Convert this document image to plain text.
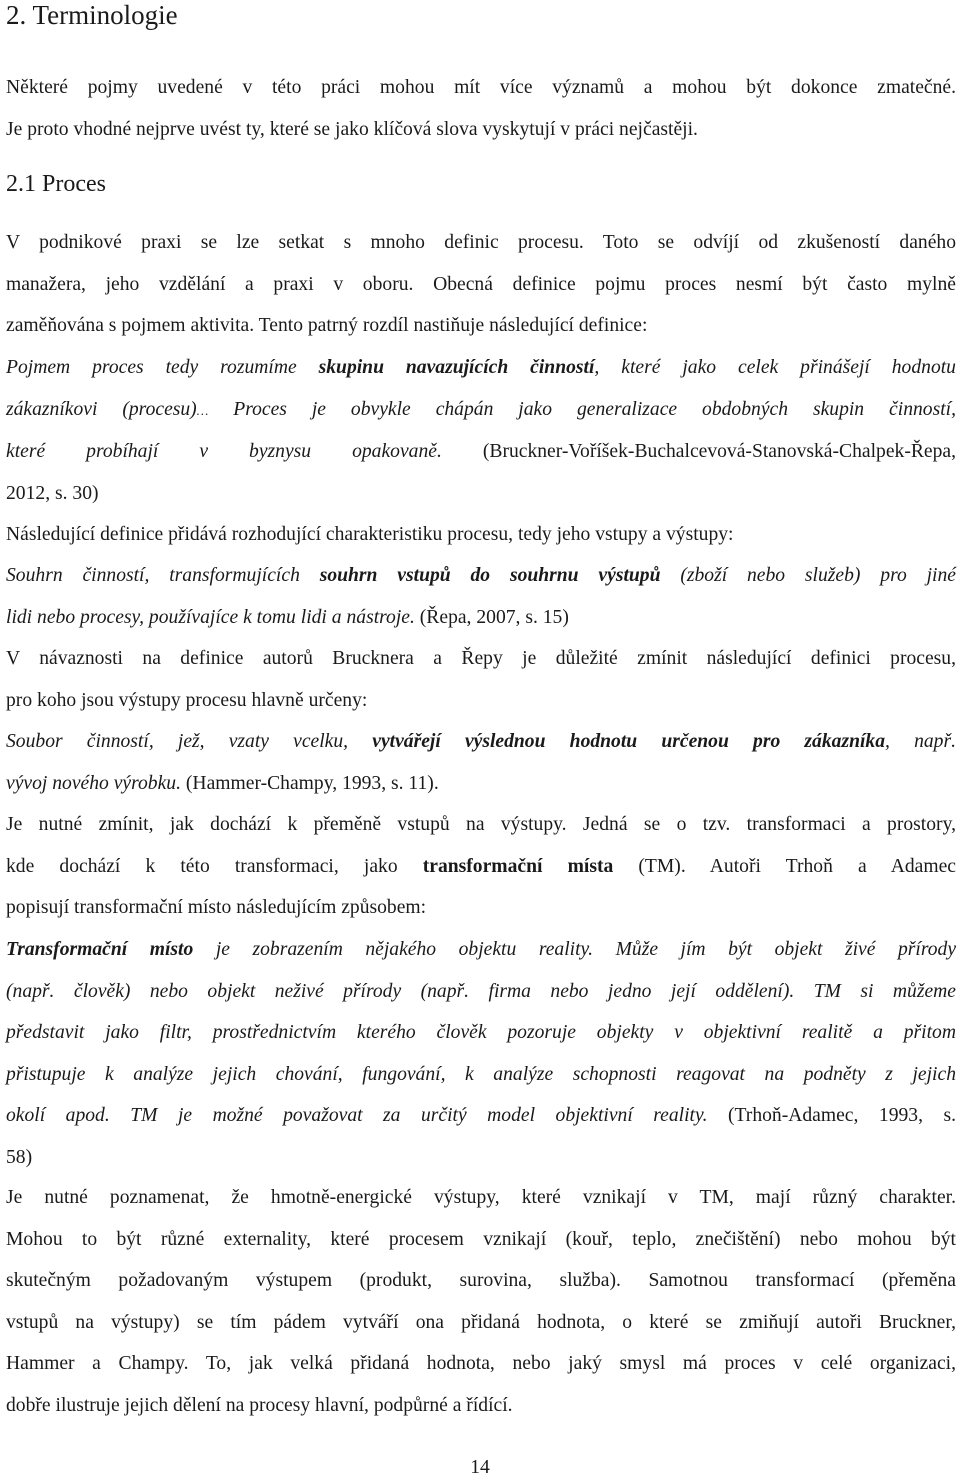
2. Terminologie
Některé pojmy uvedené v této práci mohou mít více významů a mohou být dokonce zmatečné.
Je proto vhodné nejprve uvést ty, které se jako klíčová slova vyskytují v práci nejčastěji.
2.1 Proces
V podnikové praxi se lze setkat s mnoho definic procesu. Toto se odvíjí od zkušeností daného
manažera, jeho vzdělání a praxi v oboru. Obecná definice pojmu proces nesmí být často mylně
zaměňována s pojmem aktivita. Tento patrný rozdíl nastiňuje následující definice:
Pojmem proces tedy rozumíme skupinu navazujících činností, které jako celek přinášejí hodnotu
zákazníkovi (procesu)… Proces je obvykle chápán jako generalizace obdobných skupin činností,
které probíhají v byznysu opakovaně. (Bruckner-Voříšek-Buchalcevová-Stanovská-Chalpek-Řepa,
2012, s. 30)
Následující definice přidává rozhodující charakteristiku procesu, tedy jeho vstupy a výstupy:
Souhrn činností, transformujících souhrn vstupů do souhrnu výstupů (zboží nebo služeb) pro jiné
lidi nebo procesy, používajíce k tomu lidi a nástroje. (Řepa, 2007, s. 15)
V návaznosti na definice autorů Brucknera a Řepy je důležité zmínit následující definici procesu,
pro koho jsou výstupy procesu hlavně určeny:
Soubor činností, jež, vzaty vcelku, vytvářejí výslednou hodnotu určenou pro zákazníka, např.
vývoj nového výrobku. (Hammer-Champy, 1993, s. 11).
Je nutné zmínit, jak dochází k přeměně vstupů na výstupy. Jedná se o tzv. transformaci a prostory,
kde dochází k této transformaci, jako transformační místa (TM). Autoři Trhoň a Adamec
popisují transformační místo následujícím způsobem:
Transformační místo je zobrazením nějakého objektu reality. Může jím být objekt živé přírody
(např. člověk) nebo objekt neživé přírody (např. firma nebo jedno její oddělení). TM si můžeme
představit jako filtr, prostřednictvím kterého člověk pozoruje objekty v objektivní realitě a přitom
přistupuje k analýze jejich chování, fungování, k analýze schopnosti reagovat na podněty z jejich
okolí apod. TM je možné považovat za určitý model objektivní reality. (Trhoň-Adamec, 1993, s.
58)
Je nutné poznamenat, že hmotně-energické výstupy, které vznikají v TM, mají různý charakter.
Mohou to být různé externality, které procesem vznikají (kouř, teplo, znečištění) nebo mohou být
skutečným požadovaným výstupem (produkt, surovina, služba). Samotnou transformací (přeměna
vstupů na výstupy) se tím pádem vytváří ona přidaná hodnota, o které se zmiňují autoři Bruckner,
Hammer a Champy. To, jak velká přidaná hodnota, nebo jaký smysl má proces v celé organizaci,
dobře ilustruje jejich dělení na procesy hlavní, podpůrné a řídící.
14
